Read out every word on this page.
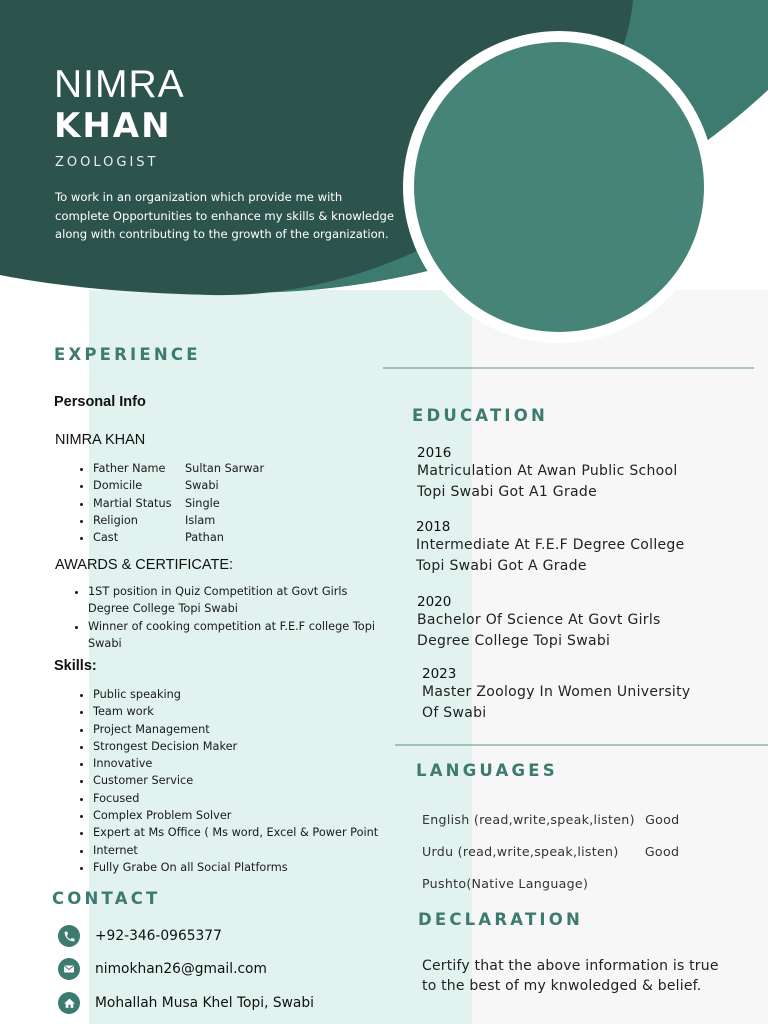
NIMRA
KHAN
ZOOLOGIST
To work in an organization which provide me with complete Opportunities to enhance my skills & knowledge along with contributing to the growth of the organization.
EXPERIENCE
Personal Info
NIMRA KHAN
• Father Name	Sultan Sarwar
• Domicile	Swabi
• Martial Status	Single
• Religion	Islam
• Cast	Pathan
AWARDS & CERTIFICATE:
• 1ST position in Quiz Competition at Govt Girls Degree College Topi Swabi
• Winner of cooking competition at F.E.F college Topi Swabi
Skills:
• Public speaking
• Team work
• Project Management
• Strongest Decision Maker
• Innovative
• Customer Service
• Focused
• Complex Problem Solver
• Expert at Ms Office ( Ms word, Excel & Power Point
• Internet
• Fully Grabe On all Social Platforms
CONTACT
+92-346-0965377
nimokhan26@gmail.com
Mohallah Musa Khel Topi, Swabi
EDUCATION
2016
Matriculation At Awan Public School
Topi Swabi Got A1 Grade
2018
Intermediate At F.E.F Degree College
Topi Swabi Got A Grade
2020
Bachelor Of Science At Govt Girls
Degree College Topi Swabi
2023
Master Zoology In Women University
Of Swabi
LANGUAGES
English (read,write,speak,listen) Good
Urdu (read,write,speak,listen) Good
Pushto(Native Language)
DECLARATION
Certify that the above information is true
to the best of my knwoledged & belief.
